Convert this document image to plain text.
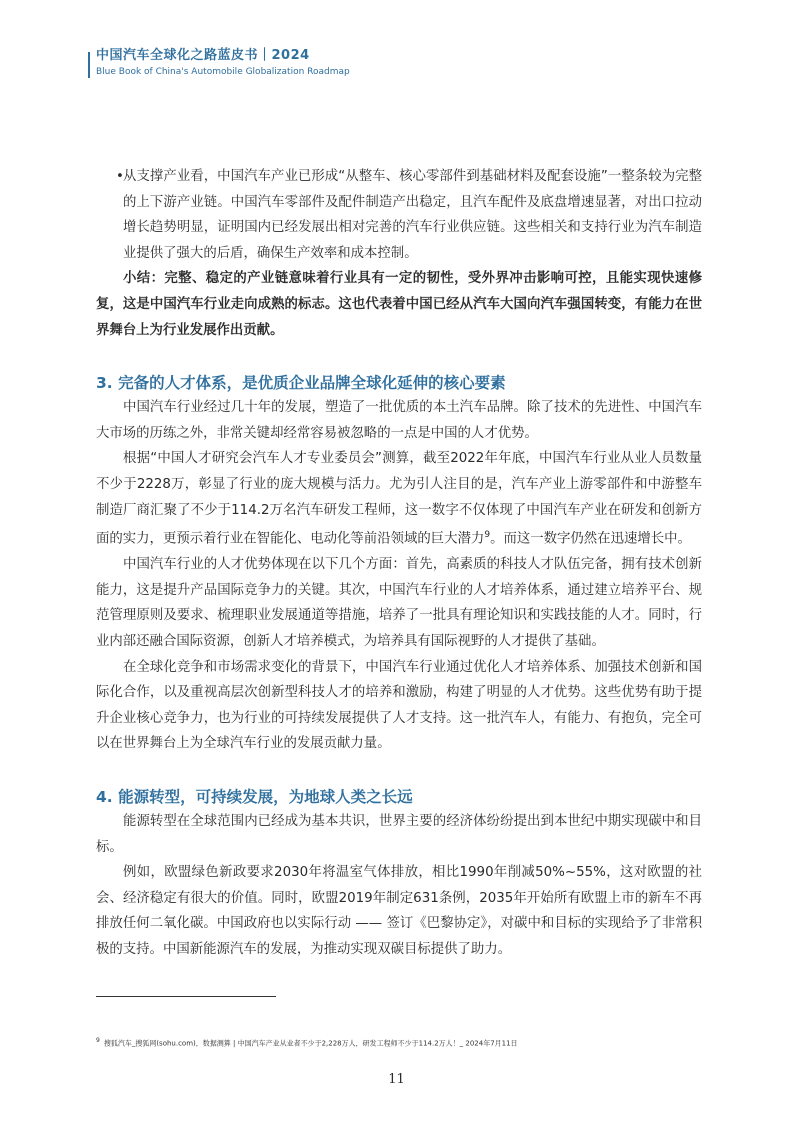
中国汽车全球化之路蓝皮书｜2024
Blue Book of China's Automobile Globalization Roadmap

• 从支撑产业看，中国汽车产业已形成“从整车、核心零部件到基础材料及配套设施”一整条较为完整的上下游产业链。中国汽车零部件及配件制造产出稳定，且汽车配件及底盘增速显著，对出口拉动增长趋势明显，证明国内已经发展出相对完善的汽车行业供应链。这些相关和支持行业为汽车制造业提供了强大的后盾，确保生产效率和成本控制。

小结：完整、稳定的产业链意味着行业具有一定的韧性，受外界冲击影响可控，且能实现快速修复，这是中国汽车行业走向成熟的标志。这也代表着中国已经从汽车大国向汽车强国转变，有能力在世界舞台上为行业发展作出贡献。

3. 完备的人才体系，是优质企业品牌全球化延伸的核心要素

中国汽车行业经过几十年的发展，塑造了一批优质的本土汽车品牌。除了技术的先进性、中国汽车大市场的历练之外，非常关键却经常容易被忽略的一点是中国的人才优势。

根据“中国人才研究会汽车人才专业委员会”测算，截至2022年年底，中国汽车行业从业人员数量不少于2228万，彰显了行业的庞大规模与活力。尤为引人注目的是，汽车产业上游零部件和中游整车制造厂商汇聚了不少于114.2万名汽车研发工程师，这一数字不仅体现了中国汽车产业在研发和创新方面的实力，更预示着行业在智能化、电动化等前沿领域的巨大潜力$^9$。而这一数字仍然在迅速增长中。

中国汽车行业的人才优势体现在以下几个方面：首先，高素质的科技人才队伍完备，拥有技术创新能力，这是提升产品国际竞争力的关键。其次，中国汽车行业的人才培养体系，通过建立培养平台、规范管理原则及要求、梳理职业发展通道等措施，培养了一批具有理论知识和实践技能的人才。同时，行业内部还融合国际资源，创新人才培养模式，为培养具有国际视野的人才提供了基础。

在全球化竞争和市场需求变化的背景下，中国汽车行业通过优化人才培养体系、加强技术创新和国际化合作，以及重视高层次创新型科技人才的培养和激励，构建了明显的人才优势。这些优势有助于提升企业核心竞争力，也为行业的可持续发展提供了人才支持。这一批汽车人，有能力、有抱负，完全可以在世界舞台上为全球汽车行业的发展贡献力量。

4. 能源转型，可持续发展，为地球人类之长远

能源转型在全球范围内已经成为基本共识，世界主要的经济体纷纷提出到本世纪中期实现碳中和目标。

例如，欧盟绿色新政要求2030年将温室气体排放，相比1990年削减50%~55%，这对欧盟的社会、经济稳定有很大的价值。同时，欧盟2019年制定631条例，2035年开始所有欧盟上市的新车不再排放任何二氧化碳。中国政府也以实际行动 —— 签订《巴黎协定》，对碳中和目标的实现给予了非常积极的支持。中国新能源汽车的发展，为推动实现双碳目标提供了助力。

$^9$ 搜狐汽车_搜狐网(sohu.com)，数据测算 | 中国汽车产业从业者不少于2,228万人，研发工程师不少于114.2万人！_ 2024年7月11日
11
